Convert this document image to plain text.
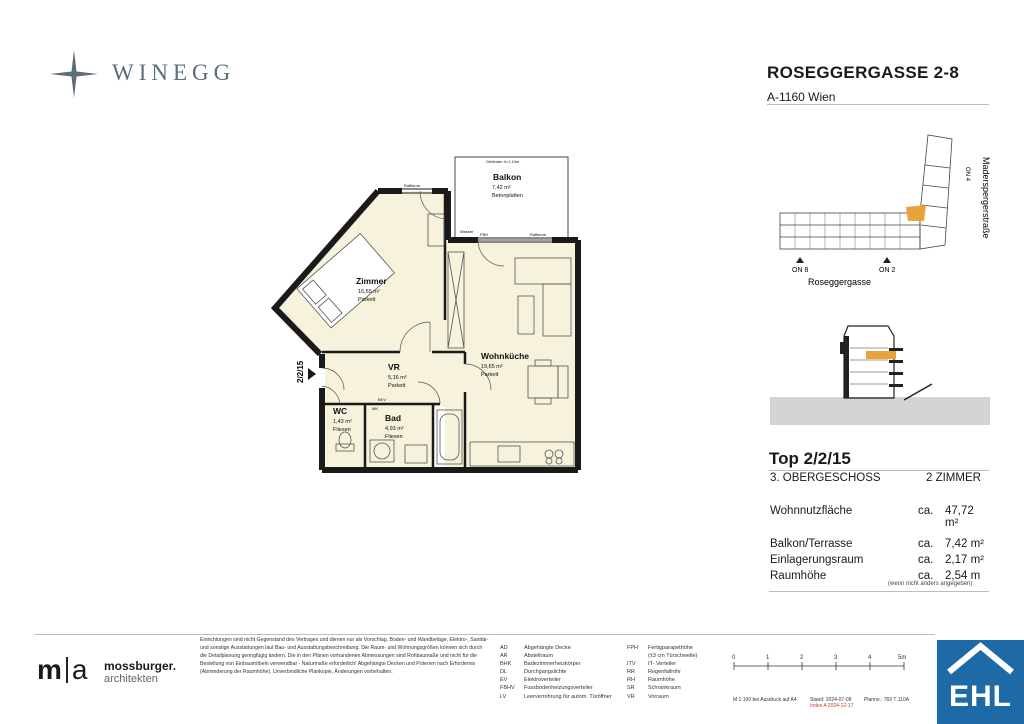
WINEGG	ROSEGGERGASSE 2-8
A-1160 Wien
ON 8	ON 2
ON 4
Roseggergasse
Maderspergerstraße
Top 2/2/15
3. OBERGESCHOSS	2 ZIMMER
Wohnnutzfläche	ca. 47,72 m²
Balkon/Terrasse	ca. 7,42 m²
Einlagerungsraum	ca. 2,17 m²
Raumhöhe	ca. 2,54 m
(wenn nicht anders angegeben)
2/2/15
Balkon
7,42 m²
Betonplatten
Zimmer
16,55 m²
Parkett
Wohnküche
19,65 m²
Parkett
VR
5,16 m²
Parkett
WC
1,43 m²
Fliesen
Bad
4,93 m²
Fliesen
Geländer h=1.10m
Raffstore
Raffstore
Wasser
FBH
BKV
MK
m a mossburger.
architekten
Einrichtungen sind nicht Gegenstand des Vertrages und dienen nur als Vorschlag. Boden- und Wandbeläge, Elektro-, Sanitär- und sonstige Ausstattungen laut Bau- und Ausstattungsbeschreibung. Die Raum- und Wohnungsgrößen können sich durch die Detailplanung geringfügig ändern. Die in den Plänen vorhandenen Abmessungen sind Rohbaumaße und nicht für die Bestellung von Einbaumöbeln verwendbar - Naturmaße erforderlich! Abgehängte Decken und Poterien nach Erfordernis (Abminderung der Raumhöhe). Unverbindliche Plankopie, Änderungen vorbehalten.
AD	Abgehängte Decke
AR	Abstellraum
BHK Badezimmerheizkörper
DL	Durchgangslichte
EV	Elektroverteiler
FBHV Fussbodenheizungsverteiler
LV	Leerverrohrung für autom. Türöffner
FPH Fertigparapethöhe
(±3 cm Türschwelle)
ITV IT- Verteiler
RR Regenfallrohr
RH Raumhöhe
SR Schrankraum
VR Vorraum
0	1	2	3	4	5m
M 1:100 bei Ausdruck auf A4	Stand: 2024-07-09
Index A 2024-12-17
Planno.: 769 T 110A	EHL
